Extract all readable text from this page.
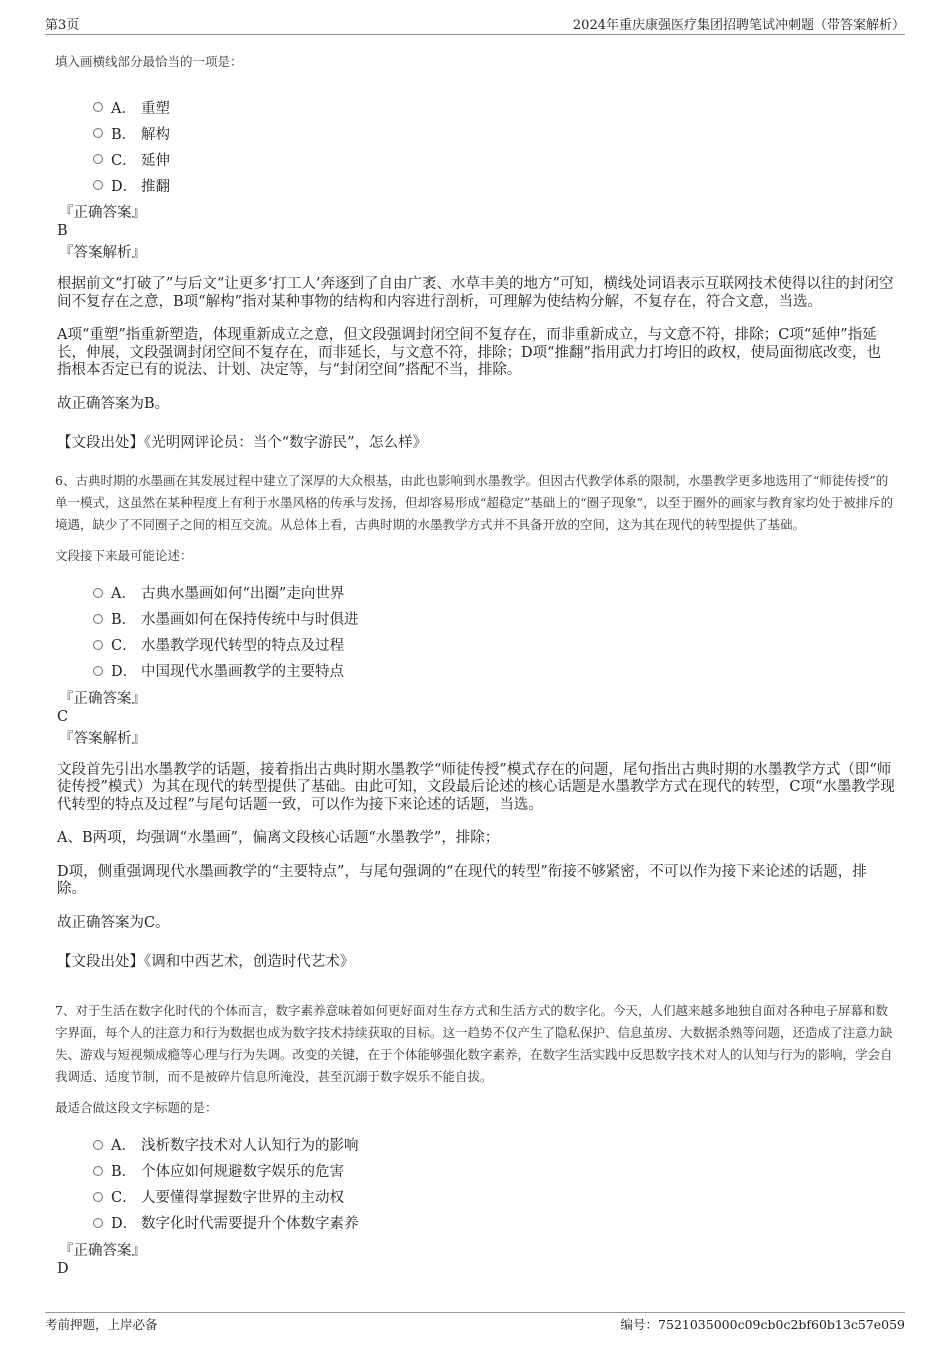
第3页	2024年重庆康强医疗集团招聘笔试冲刺题（带答案解析）
填入画横线部分最恰当的一项是：
A． 重塑
B． 解构
C． 延伸
D． 推翻
『正确答案』
B
『答案解析』
根据前文“打破了”与后文“让更多‘打工人’奔逐到了自由广袤、水草丰美的地方”可知，横线处词语表示互联网技术使得以往的封闭空间不复存在之意，B项“解构”指对某种事物的结构和内容进行剖析，可理解为使结构分解，不复存在，符合文意，当选。
A项“重塑”指重新塑造，体现重新成立之意，但文段强调封闭空间不复存在，而非重新成立，与文意不符，排除；C项“延伸”指延长，伸展，文段强调封闭空间不复存在，而非延长，与文意不符，排除；D项“推翻”指用武力打垮旧的政权，使局面彻底改变，也指根本否定已有的说法、计划、决定等，与“封闭空间”搭配不当，排除。
故正确答案为B。
【文段出处】《光明网评论员：当个“数字游民”，怎么样》
6、古典时期的水墨画在其发展过程中建立了深厚的大众根基，由此也影响到水墨教学。但因古代教学体系的限制，水墨教学更多地选用了“师徒传授”的单一模式，这虽然在某种程度上有利于水墨风格的传承与发扬，但却容易形成“超稳定”基础上的“圈子现象”，以至于圈外的画家与教育家均处于被排斥的境遇，缺少了不同圈子之间的相互交流。从总体上看，古典时期的水墨教学方式并不具备开放的空间，这为其在现代的转型提供了基础。
文段接下来最可能论述：
A． 古典水墨画如何“出圈”走向世界
B． 水墨画如何在保持传统中与时俱进
C． 水墨教学现代转型的特点及过程
D． 中国现代水墨画教学的主要特点
『正确答案』
C
『答案解析』
文段首先引出水墨教学的话题，接着指出古典时期水墨教学“师徒传授”模式存在的问题，尾句指出古典时期的水墨教学方式（即“师徒传授”模式）为其在现代的转型提供了基础。由此可知，文段最后论述的核心话题是水墨教学方式在现代的转型，C项“水墨教学现代转型的特点及过程”与尾句话题一致，可以作为接下来论述的话题，当选。
A、B两项，均强调“水墨画”，偏离文段核心话题“水墨教学”，排除；
D项，侧重强调现代水墨画教学的“主要特点”，与尾句强调的“在现代的转型”衔接不够紧密，不可以作为接下来论述的话题，排除。
故正确答案为C。
【文段出处】《调和中西艺术，创造时代艺术》
7、对于生活在数字化时代的个体而言，数字素养意味着如何更好面对生存方式和生活方式的数字化。今天，人们越来越多地独自面对各种电子屏幕和数字界面，每个人的注意力和行为数据也成为数字技术持续获取的目标。这一趋势不仅产生了隐私保护、信息茧房、大数据杀熟等问题，还造成了注意力缺失、游戏与短视频成瘾等心理与行为失调。改变的关键，在于个体能够强化数字素养，在数字生活实践中反思数字技术对人的认知与行为的影响，学会自我调适、适度节制，而不是被碎片信息所淹没，甚至沉溺于数字娱乐不能自拔。
最适合做这段文字标题的是：
A． 浅析数字技术对人认知行为的影响
B． 个体应如何规避数字娱乐的危害
C． 人要懂得掌握数字世界的主动权
D． 数字化时代需要提升个体数字素养
『正确答案』
D
考前押题，上岸必备	编号：7521035000c09cb0c2bf60b13c57e059
